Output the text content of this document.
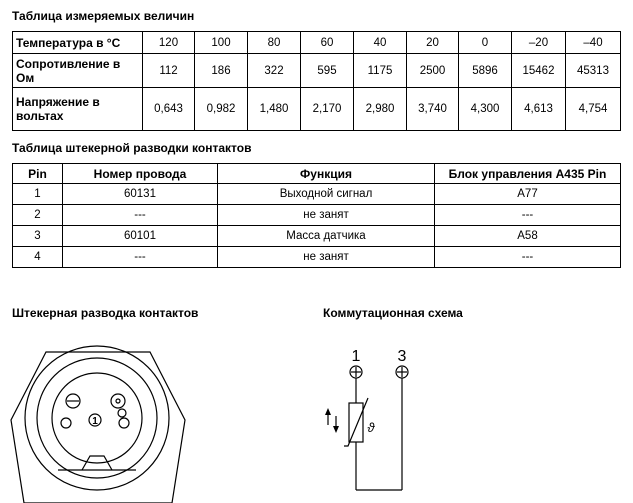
Таблица измеряемых величин
Температура в °C	120	100	80	60	40	20	0	–20	–40
Сопротивление в Ом	112	186	322	595	1175	2500	5896	15462	45313
Напряжение в вольтах	0,643	0,982	1,480	2,170	2,980	3,740	4,300	4,613	4,754
Таблица штекерной разводки контактов
Pin	Номер провода	Функция	Блок управления A435 Pin
1	60131	Выходной сигнал	A77
2	---	не занят	---
3	60101	Масса датчика	A58
4	---	не занят	---
Штекерная разводка контактов	Коммутационная схема
1
1 3
ϑ
